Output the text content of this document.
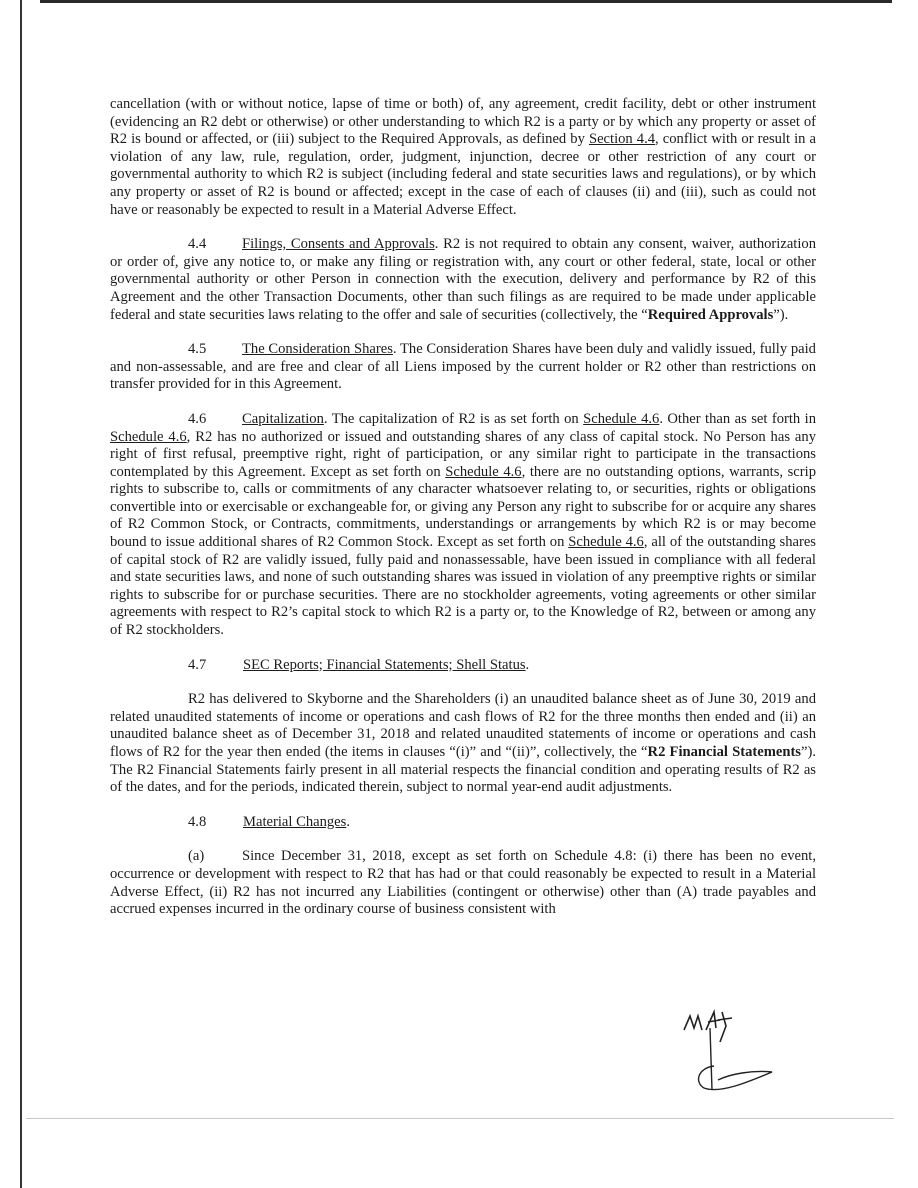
cancellation (with or without notice, lapse of time or both) of, any agreement, credit facility, debt or other instrument (evidencing an R2 debt or otherwise) or other understanding to which R2 is a party or by which any property or asset of R2 is bound or affected, or (iii) subject to the Required Approvals, as defined by Section 4.4, conflict with or result in a violation of any law, rule, regulation, order, judgment, injunction, decree or other restriction of any court or governmental authority to which R2 is subject (including federal and state securities laws and regulations), or by which any property or asset of R2 is bound or affected; except in the case of each of clauses (ii) and (iii), such as could not have or reasonably be expected to result in a Material Adverse Effect.

4.4 Filings, Consents and Approvals. R2 is not required to obtain any consent, waiver, authorization or order of, give any notice to, or make any filing or registration with, any court or other federal, state, local or other governmental authority or other Person in connection with the execution, delivery and performance by R2 of this Agreement and the other Transaction Documents, other than such filings as are required to be made under applicable federal and state securities laws relating to the offer and sale of securities (collectively, the “Required Approvals”).

4.5 The Consideration Shares. The Consideration Shares have been duly and validly issued, fully paid and non-assessable, and are free and clear of all Liens imposed by the current holder or R2 other than restrictions on transfer provided for in this Agreement.

4.6 Capitalization. The capitalization of R2 is as set forth on Schedule 4.6. Other than as set forth in Schedule 4.6, R2 has no authorized or issued and outstanding shares of any class of capital stock. No Person has any right of first refusal, preemptive right, right of participation, or any similar right to participate in the transactions contemplated by this Agreement. Except as set forth on Schedule 4.6, there are no outstanding options, warrants, scrip rights to subscribe to, calls or commitments of any character whatsoever relating to, or securities, rights or obligations convertible into or exercisable or exchangeable for, or giving any Person any right to subscribe for or acquire any shares of R2 Common Stock, or Contracts, commitments, understandings or arrangements by which R2 is or may become bound to issue additional shares of R2 Common Stock. Except as set forth on Schedule 4.6, all of the outstanding shares of capital stock of R2 are validly issued, fully paid and nonassessable, have been issued in compliance with all federal and state securities laws, and none of such outstanding shares was issued in violation of any preemptive rights or similar rights to subscribe for or purchase securities. There are no stockholder agreements, voting agreements or other similar agreements with respect to R2’s capital stock to which R2 is a party or, to the Knowledge of R2, between or among any of R2 stockholders.

4.7	SEC Reports; Financial Statements; Shell Status.

R2 has delivered to Skyborne and the Shareholders (i) an unaudited balance sheet as of June 30, 2019 and related unaudited statements of income or operations and cash flows of R2 for the three months then ended and (ii) an unaudited balance sheet as of December 31, 2018 and related unaudited statements of income or operations and cash flows of R2 for the year then ended (the items in clauses “(i)” and “(ii)”, collectively, the “R2 Financial Statements”). The R2 Financial Statements fairly present in all material respects the financial condition and operating results of R2 as of the dates, and for the periods, indicated therein, subject to normal year-end audit adjustments.

4.8	Material Changes.

(a)	Since December 31, 2018, except as set forth on Schedule 4.8: (i) there has been no event, occurrence or development with respect to R2 that has had or that could reasonably be expected to result in a Material Adverse Effect, (ii) R2 has not incurred any Liabilities (contingent or otherwise) other than (A) trade payables and accrued expenses incurred in the ordinary course of business consistent with
